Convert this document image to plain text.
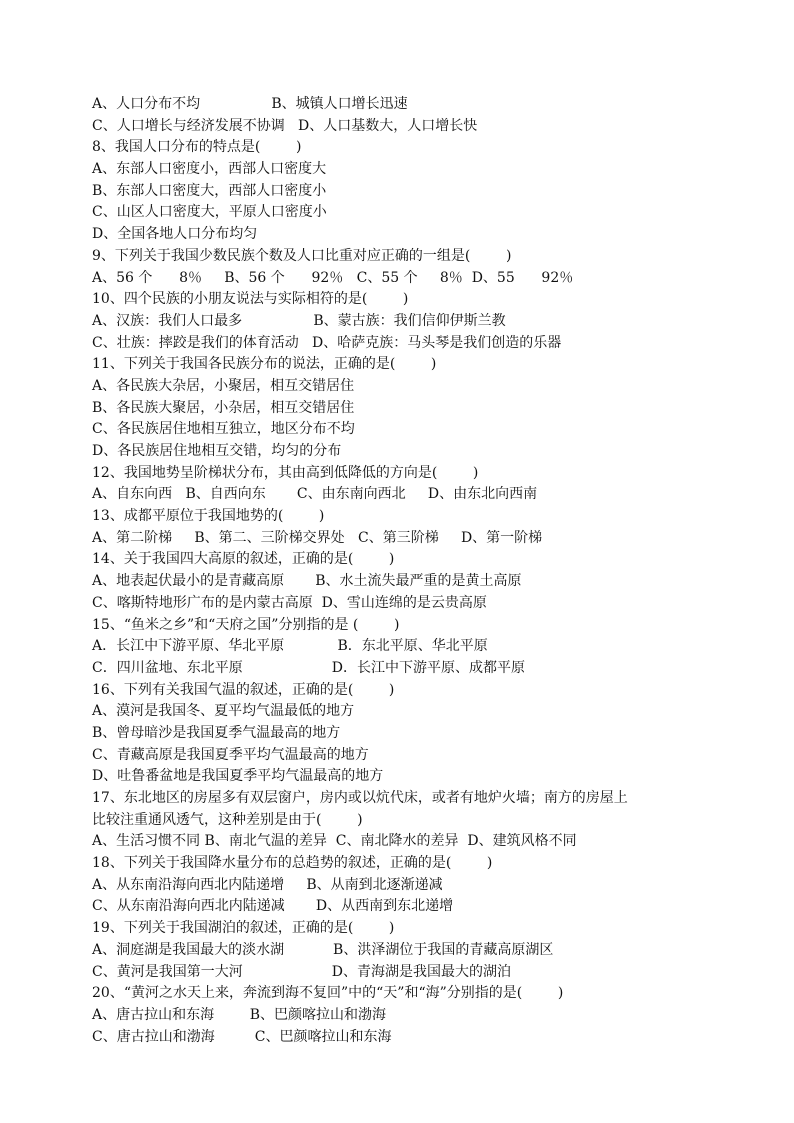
A、人口分布不均                B、城镇人口增长迅速
C、人口增长与经济发展不协调   D、人口基数大，人口增长快
8、我国人口分布的特点是(        )
A、东部人口密度小，西部人口密度大
B、东部人口密度大，西部人口密度小
C、山区人口密度大，平原人口密度小
D、全国各地人口分布均匀
9、下列关于我国少数民族个数及人口比重对应正确的一组是(        )
A、56 个      8％     B、56 个      92％   C、55 个     8％  D、55      92％
10、四个民族的小朋友说法与实际相符的是(        )
A、汉族：我们人口最多                B、蒙古族：我们信仰伊斯兰教
C、壮族：摔跤是我们的体育活动   D、哈萨克族：马头琴是我们创造的乐器
11、下列关于我国各民族分布的说法，正确的是(        )
A、各民族大杂居，小聚居，相互交错居住
B、各民族大聚居，小杂居，相互交错居住
C、各民族居住地相互独立，地区分布不均
D、各民族居住地相互交错，均匀的分布
12、我国地势呈阶梯状分布，其由高到低降低的方向是(        )
A、自东向西   B、自西向东       C、由东南向西北     D、由东北向西南
13、成都平原位于我国地势的(        )
A、第二阶梯     B、第二、三阶梯交界处   C、第三阶梯     D、第一阶梯
14、关于我国四大高原的叙述，正确的是(        )
A、地表起伏最小的是青藏高原       B、水土流失最严重的是黄土高原
C、喀斯特地形广布的是内蒙古高原  D、雪山连绵的是云贵高原
15、“鱼米之乡”和“天府之国”分别指的是 (        )
A．长江中下游平原、华北平原            B．东北平原、华北平原
C．四川盆地、东北平原                    D．长江中下游平原、成都平原
16、下列有关我国气温的叙述，正确的是(        )
A、漠河是我国冬、夏平均气温最低的地方
B、曾母暗沙是我国夏季气温最高的地方
C、青藏高原是我国夏季平均气温最高的地方
D、吐鲁番盆地是我国夏季平均气温最高的地方
17、东北地区的房屋多有双层窗户，房内或以炕代床，或者有地炉火墙；南方的房屋上
比较注重通风透气，这种差别是由于(        )
A、生活习惯不同 B、南北气温的差异  C、南北降水的差异  D、建筑风格不同
18、下列关于我国降水量分布的总趋势的叙述，正确的是(        )
A、从东南沿海向西北内陆递增     B、从南到北逐渐递减
C、从东南沿海向西北内陆递减       D、从西南到东北递增
19、下列关于我国湖泊的叙述，正确的是(        )
A、洞庭湖是我国最大的淡水湖           B、洪泽湖位于我国的青藏高原湖区
C、黄河是我国第一大河                    D、青海湖是我国最大的湖泊
20、“黄河之水天上来，奔流到海不复回”中的“天”和“海”分别指的是(        )
A、唐古拉山和东海        B、巴颜喀拉山和渤海
C、唐古拉山和渤海         C、巴颜喀拉山和东海
